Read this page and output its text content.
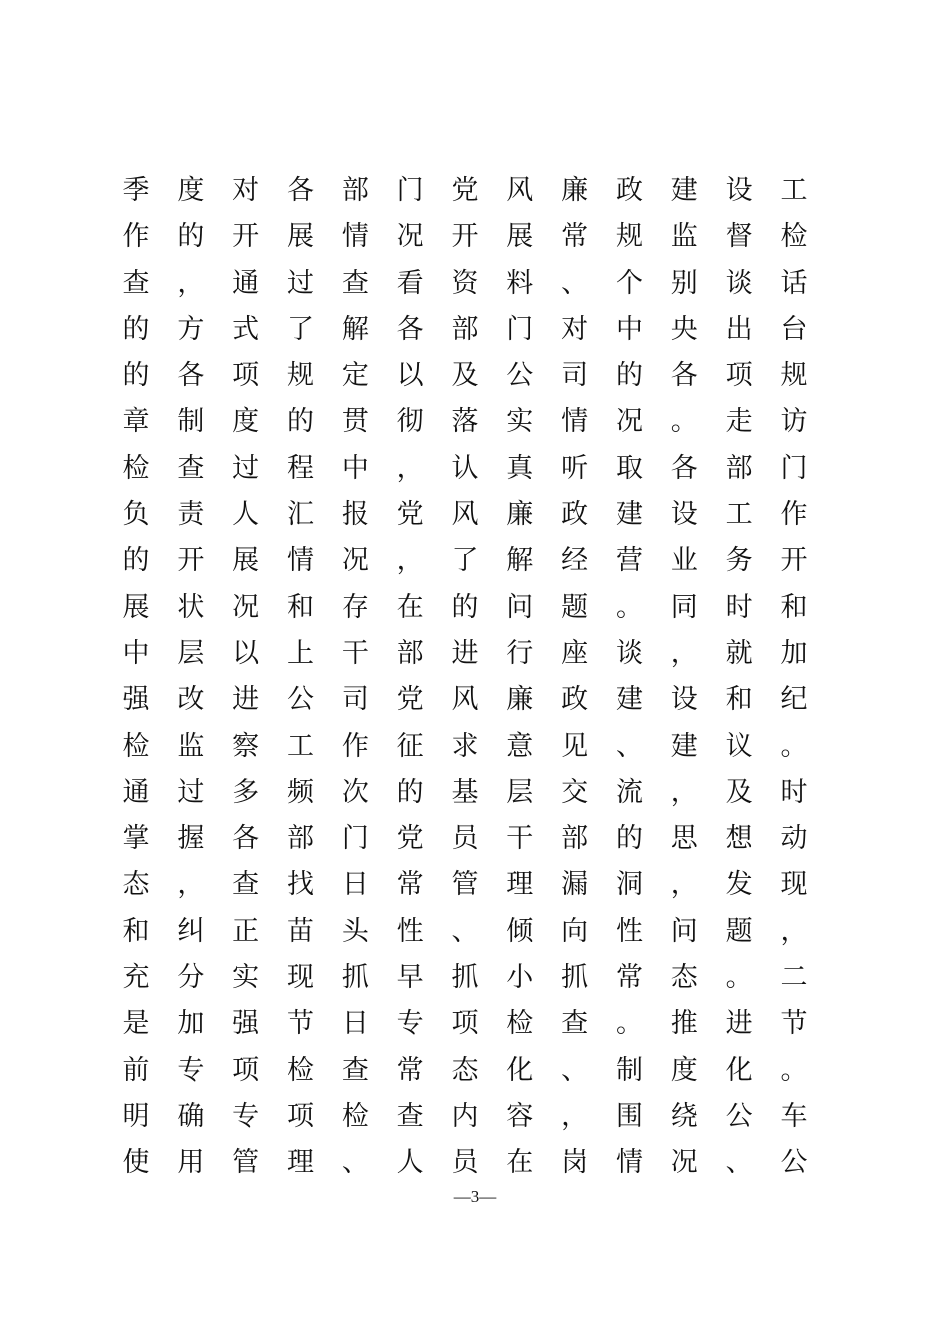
季 度 对 各 部 门 党 风 廉 政 建 设 工
作 的 开 展 情 况 开 展 常 规 监 督 检
查 ， 通 过 查 看 资 料 、 个 别 谈 话
的 方 式 了 解 各 部 门 对 中 央 出 台
的 各 项 规 定 以 及 公 司 的 各 项 规
章 制 度 的 贯 彻 落 实 情 况 。 走 访
检 查 过 程 中 ， 认 真 听 取 各 部 门
负 责 人 汇 报 党 风 廉 政 建 设 工 作
的 开 展 情 况 ， 了 解 经 营 业 务 开
展 状 况 和 存 在 的 问 题 。 同 时 和
中 层 以 上 干 部 进 行 座 谈 ， 就 加
强 改 进 公 司 党 风 廉 政 建 设 和 纪
检 监 察 工 作 征 求 意 见 、 建 议 。
通 过 多 频 次 的 基 层 交 流 ， 及 时
掌 握 各 部 门 党 员 干 部 的 思 想 动
态 ， 查 找 日 常 管 理 漏 洞 ， 发 现
和 纠 正 苗 头 性 、 倾 向 性 问 题 ，
充 分 实 现 抓 早 抓 小 抓 常 态 。 二
是 加 强 节 日 专 项 检 查 。 推 进 节
前 专 项 检 查 常 态 化 、 制 度 化 。
明 确 专 项 检 查 内 容 ， 围 绕 公 车
使 用 管 理 、 人 员 在 岗 情 况 、 公
—3—
